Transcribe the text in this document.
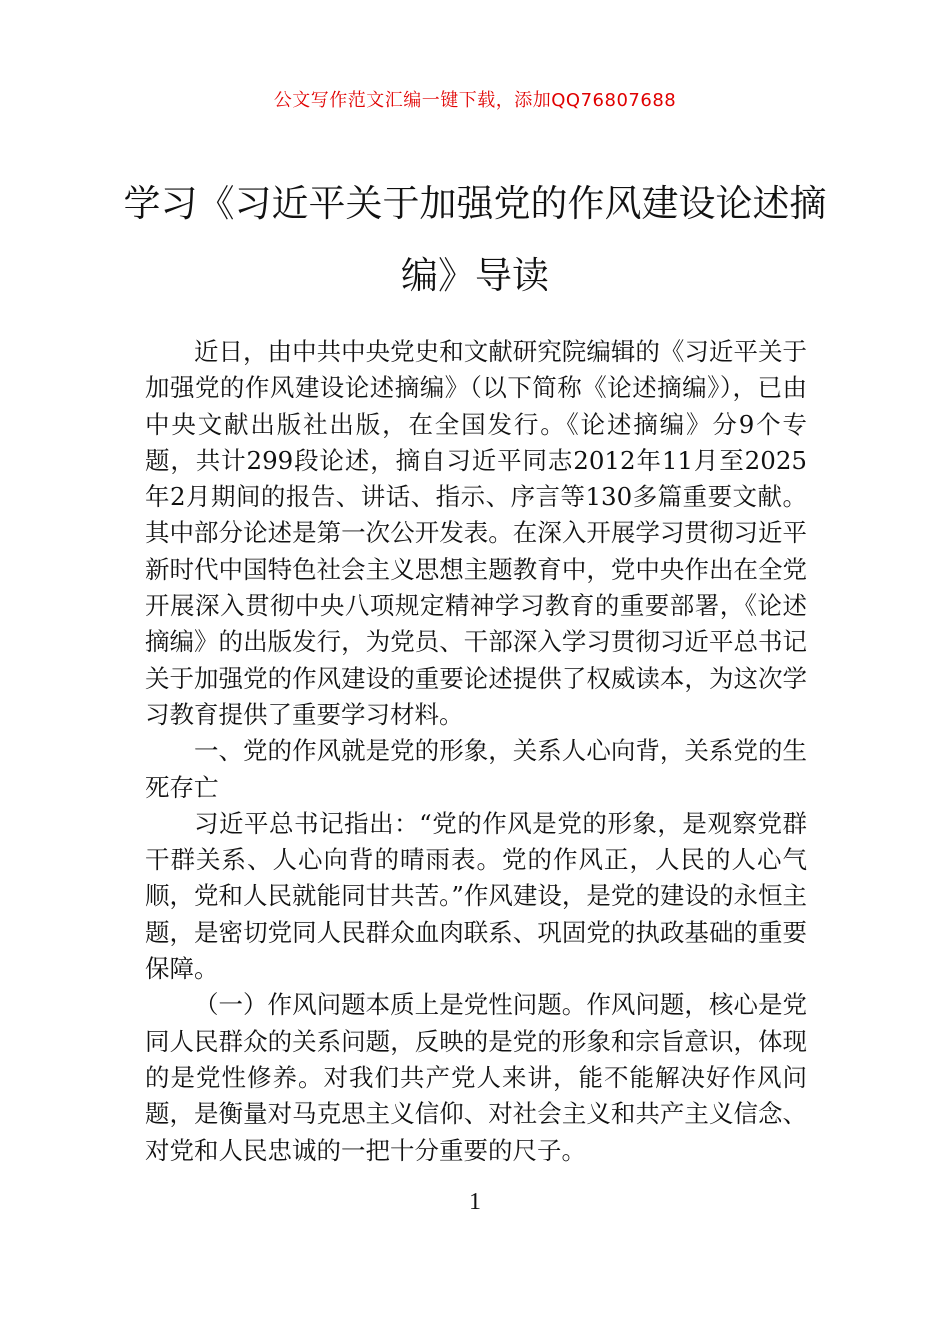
公文写作范文汇编一键下载，添加QQ76807688
学习《习近平关于加强党的作风建设论述摘编》导读

近日，由中共中央党史和文献研究院编辑的《习近平关于加强党的作风建设论述摘编》（以下简称《论述摘编》），已由中央文献出版社出版，在全国发行。《论述摘编》分9个专题，共计299段论述，摘自习近平同志2012年11月至2025年2月期间的报告、讲话、指示、序言等130多篇重要文献。其中部分论述是第一次公开发表。在深入开展学习贯彻习近平新时代中国特色社会主义思想主题教育中，党中央作出在全党开展深入贯彻中央八项规定精神学习教育的重要部署，《论述摘编》的出版发行，为党员、干部深入学习贯彻习近平总书记关于加强党的作风建设的重要论述提供了权威读本，为这次学习教育提供了重要学习材料。

一、党的作风就是党的形象，关系人心向背，关系党的生死存亡

习近平总书记指出：“党的作风是党的形象，是观察党群干群关系、人心向背的晴雨表。党的作风正，人民的人心气顺，党和人民就能同甘共苦。”作风建设，是党的建设的永恒主题，是密切党同人民群众血肉联系、巩固党的执政基础的重要保障。

（一）作风问题本质上是党性问题。作风问题，核心是党同人民群众的关系问题，反映的是党的形象和宗旨意识，体现的是党性修养。对我们共产党人来讲，能不能解决好作风问题，是衡量对马克思主义信仰、对社会主义和共产主义信念、对党和人民忠诚的一把十分重要的尺子。

1
